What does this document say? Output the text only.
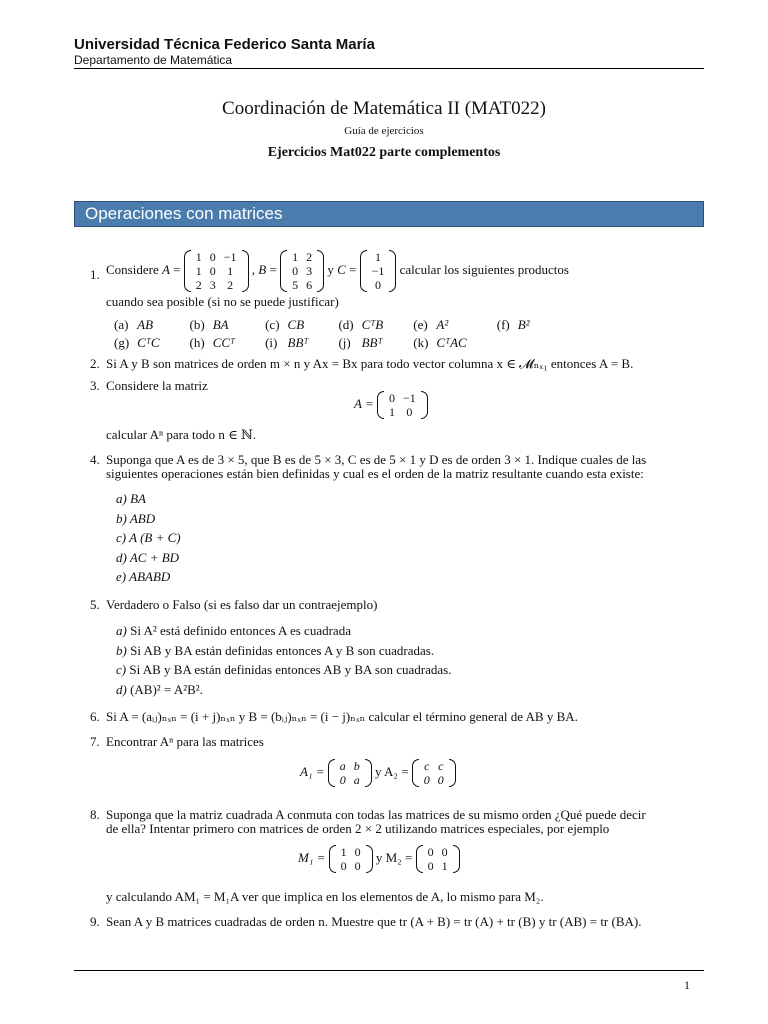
Universidad Técnica Federico Santa María
Departamento de Matemática
Coordinación de Matemática II (MAT022)
Guía de ejercicios
Ejercicios Mat022 parte complementos
Operaciones con matrices
1. Considere A =
1	0	−1
1	0	1
2	3	2
, B =
1	2
0	3
5	6
y C =
1
−1
0
calcular los siguientes productos
cuando sea posible (si no se puede justificar)
(a)	AB	(b)	BA	(c)	CB	(d)	CᵀB	(e)	A²	(f)	B²
(g)	CᵀC	(h)	CCᵀ	(i)	BBᵀ	(j)	BBᵀ	(k)	CᵀAC		
2. Si A y B son matrices de orden m × n y Ax = Bx para todo vector columna x ∈ 𝓜ₙₓ₁ entonces A = B.
3. Considere la matriz
A = 0	−1
1	0
calcular Aⁿ para todo n ∈ ℕ.
4. Suponga que A es de 3 × 5, que B es de 5 × 3, C es de 5 × 1 y D es de orden 3 × 1. Indique cuales de las
siguientes operaciones están bien definidas y cual es el orden de la matriz resultante cuando esta existe:
a) BA
b) ABD
c) A (B + C)
d) AC + BD
e) ABABD
5. Verdadero o Falso (si es falso dar un contraejemplo)
a) Si A² está definido entonces A es cuadrada
b) Si AB y BA están definidas entonces A y B son cuadradas.
c) Si AB y BA están definidas entonces AB y BA son cuadradas.
d) (AB)² = A²B².
6. Si A = (aᵢⱼ)ₙₓₙ = (i + j)ₙₓₙ y B = (bᵢⱼ)ₙₓₙ = (i − j)ₙₓₙ calcular el término general de AB y BA.
7. Encontrar Aⁿ para las matrices
A₁ = a	b
0	a
y A₂ = c	c
0	0
8. Suponga que la matriz cuadrada A conmuta con todas las matrices de su mismo orden ¿Qué puede decir
de ella? Intentar primero con matrices de orden 2 × 2 utilizando matrices especiales, por ejemplo
M₁ = 1	0
0	0
y M₂ = 0	0
0	1
y calculando AM₁ = M₁A ver que implica en los elementos de A, lo mismo para M₂.
9. Sean A y B matrices cuadradas de orden n. Muestre que tr (A + B) = tr (A) + tr (B) y tr (AB) = tr (BA).
1
